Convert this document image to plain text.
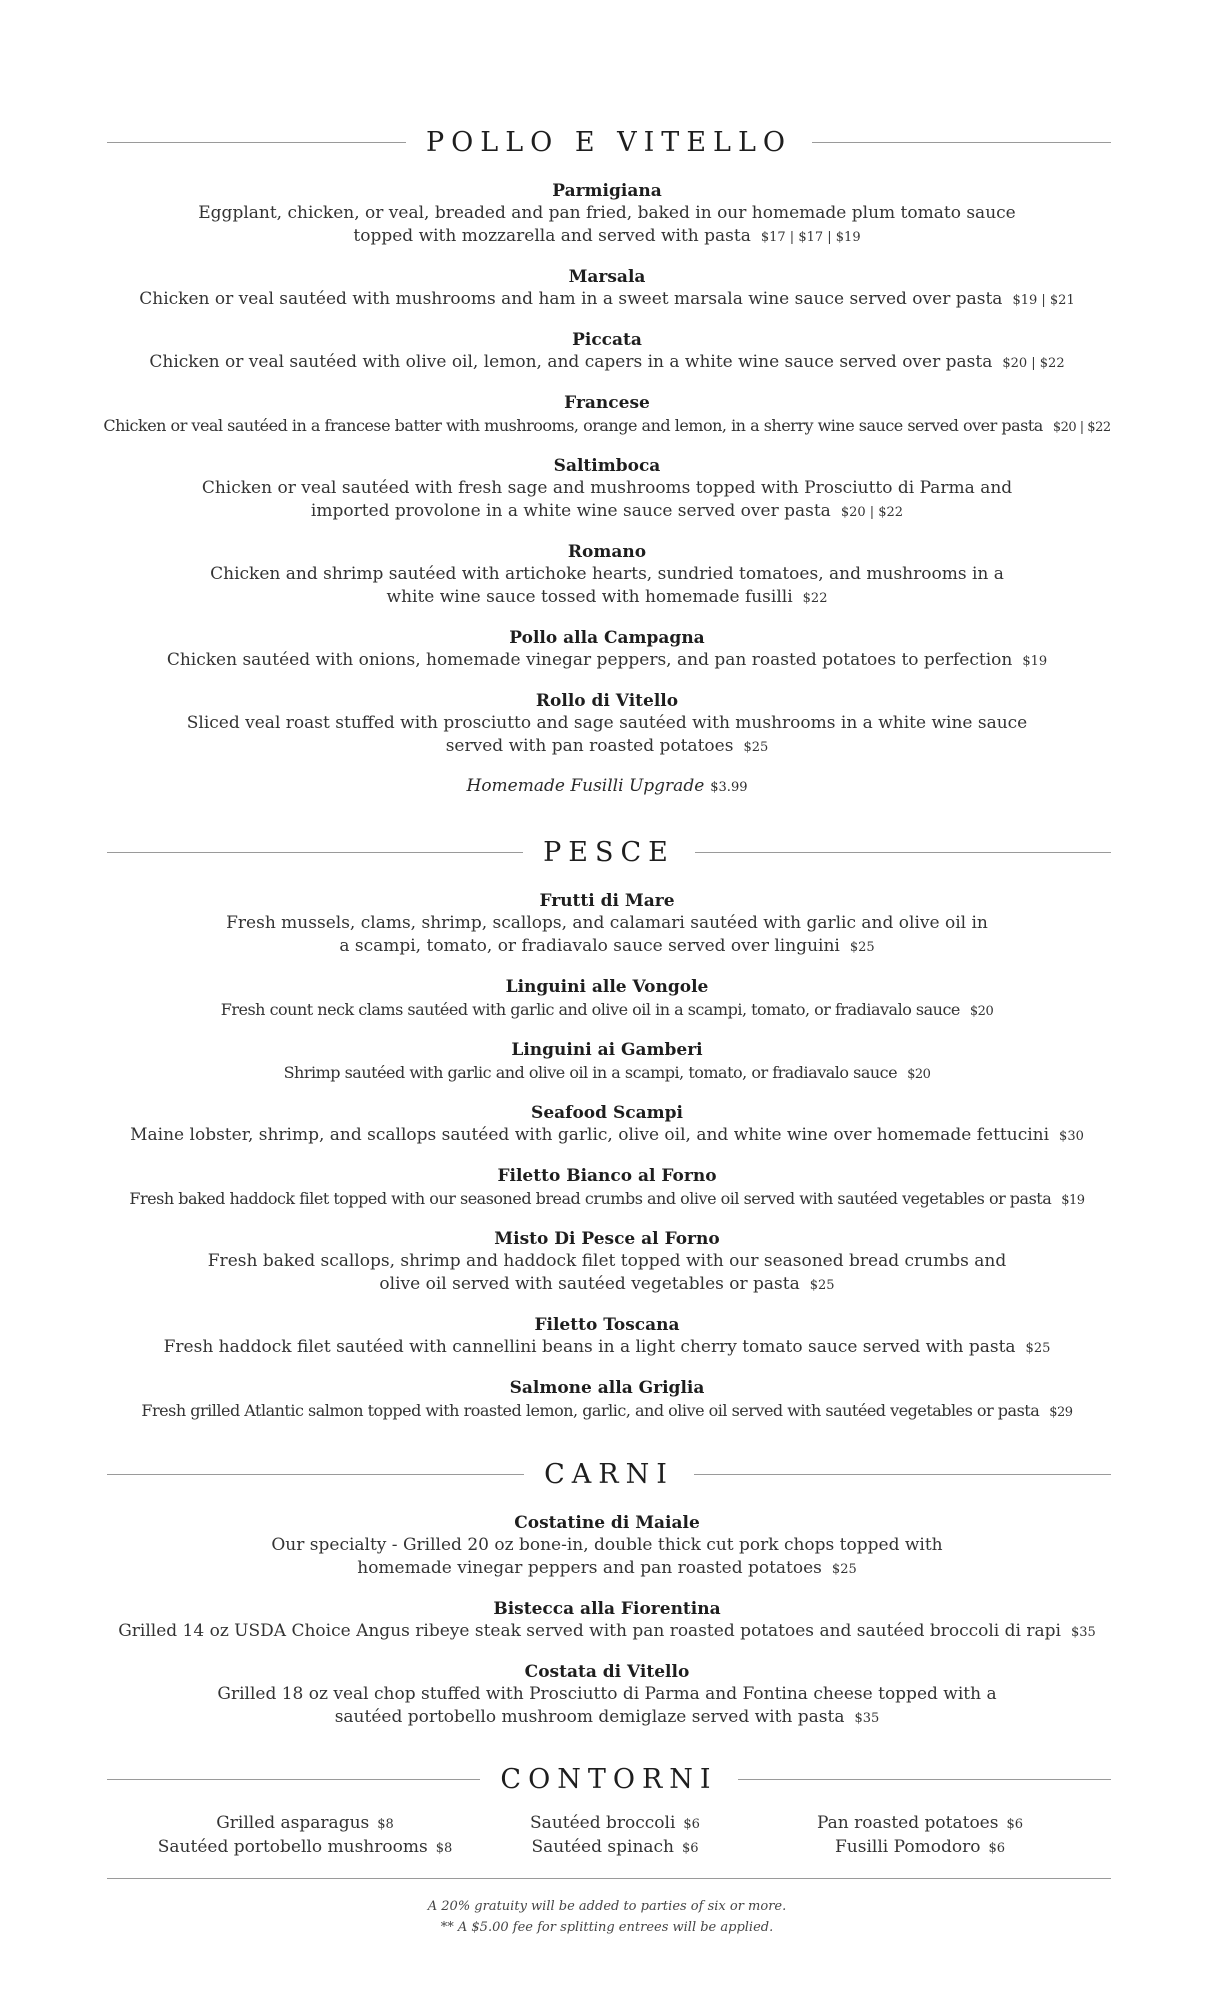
POLLO E VITELLO
Parmigiana
Eggplant, chicken, or veal, breaded and pan fried, baked in our homemade plum tomato sauce
topped with mozzarella and served with pasta $17 | $17 | $19
Marsala
Chicken or veal sautéed with mushrooms and ham in a sweet marsala wine sauce served over pasta $19 | $21
Piccata
Chicken or veal sautéed with olive oil, lemon, and capers in a white wine sauce served over pasta $20 | $22
Francese
Chicken or veal sautéed in a francese batter with mushrooms, orange and lemon, in a sherry wine sauce served over pasta $20 | $22
Saltimboca
Chicken or veal sautéed with fresh sage and mushrooms topped with Prosciutto di Parma and
imported provolone in a white wine sauce served over pasta $20 | $22
Romano
Chicken and shrimp sautéed with artichoke hearts, sundried tomatoes, and mushrooms in a
white wine sauce tossed with homemade fusilli $22
Pollo alla Campagna
Chicken sautéed with onions, homemade vinegar peppers, and pan roasted potatoes to perfection $19
Rollo di Vitello
Sliced veal roast stuffed with prosciutto and sage sautéed with mushrooms in a white wine sauce
served with pan roasted potatoes $25
Homemade Fusilli Upgrade $3.99
PESCE
Frutti di Mare
Fresh mussels, clams, shrimp, scallops, and calamari sautéed with garlic and olive oil in
a scampi, tomato, or fradiavalo sauce served over linguini $25
Linguini alle Vongole
Fresh count neck clams sautéed with garlic and olive oil in a scampi, tomato, or fradiavalo sauce $20
Linguini ai Gamberi
Shrimp sautéed with garlic and olive oil in a scampi, tomato, or fradiavalo sauce $20
Seafood Scampi
Maine lobster, shrimp, and scallops sautéed with garlic, olive oil, and white wine over homemade fettucini $30
Filetto Bianco al Forno
Fresh baked haddock filet topped with our seasoned bread crumbs and olive oil served with sautéed vegetables or pasta $19
Misto Di Pesce al Forno
Fresh baked scallops, shrimp and haddock filet topped with our seasoned bread crumbs and
olive oil served with sautéed vegetables or pasta $25
Filetto Toscana
Fresh haddock filet sautéed with cannellini beans in a light cherry tomato sauce served with pasta $25
Salmone alla Griglia
Fresh grilled Atlantic salmon topped with roasted lemon, garlic, and olive oil served with sautéed vegetables or pasta $29
CARNI
Costatine di Maiale
Our specialty - Grilled 20 oz bone-in, double thick cut pork chops topped with
homemade vinegar peppers and pan roasted potatoes $25
Bistecca alla Fiorentina
Grilled 14 oz USDA Choice Angus ribeye steak served with pan roasted potatoes and sautéed broccoli di rapi $35
Costata di Vitello
Grilled 18 oz veal chop stuffed with Prosciutto di Parma and Fontina cheese topped with a
sautéed portobello mushroom demiglaze served with pasta $35
CONTORNI
Grilled asparagus $8
Sautéed portobello mushrooms $8
Sautéed broccoli $6
Sautéed spinach $6
Pan roasted potatoes $6
Fusilli Pomodoro $6
A 20% gratuity will be added to parties of six or more.
** A $5.00 fee for splitting entrees will be applied.
